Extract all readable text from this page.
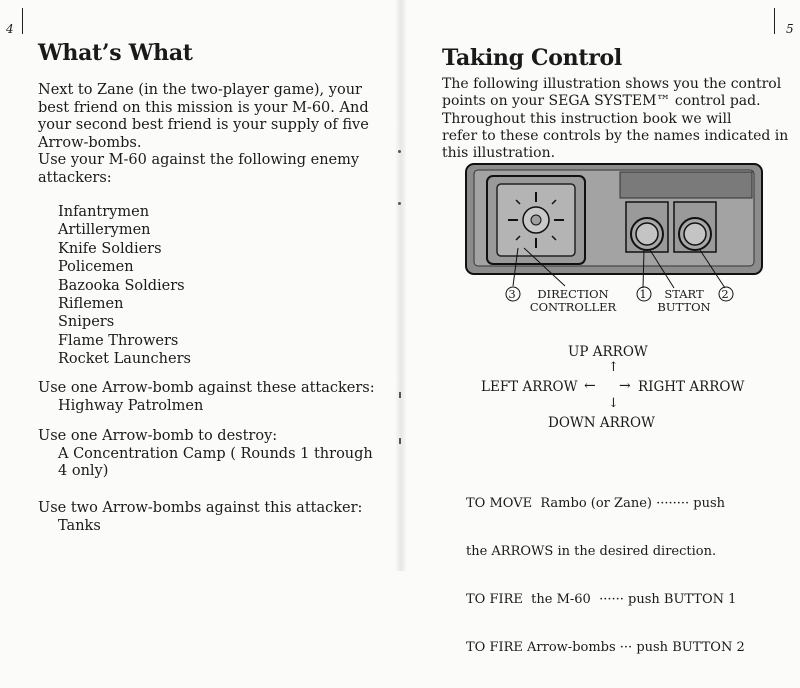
4
What’s What
Next to Zane (in the two-player game), your
best friend on this mission is your M-60. And
your second best friend is your supply of five
Arrow-bombs.
Use your M-60 against the following enemy
attackers:
Infantrymen
Artillerymen
Knife Soldiers
Policemen
Bazooka Soldiers
Riflemen
Snipers
Flame Throwers
Rocket Launchers
Use one Arrow-bomb against these attackers:
Highway Patrolmen
Use one Arrow-bomb to destroy:
A Concentration Camp ( Rounds 1 through
4 only)
Use two Arrow-bombs against this attacker:
Tanks
5
Taking Control
The following illustration shows you the control
points on your SEGA SYSTEM™ control pad.
Throughout this instruction book we will
refer to these controls by the names indicated in
this illustration.
3	1	2
DIRECTION
CONTROLLER
START
BUTTON
UP ARROW
↑
LEFT ARROW ← → RIGHT ARROW
↓
DOWN ARROW

TO MOVE  Rambo (or Zane) ········ push

the ARROWS in the desired direction.

TO FIRE  the M-60  ······ push BUTTON 1

TO FIRE Arrow-bombs ··· push BUTTON 2
